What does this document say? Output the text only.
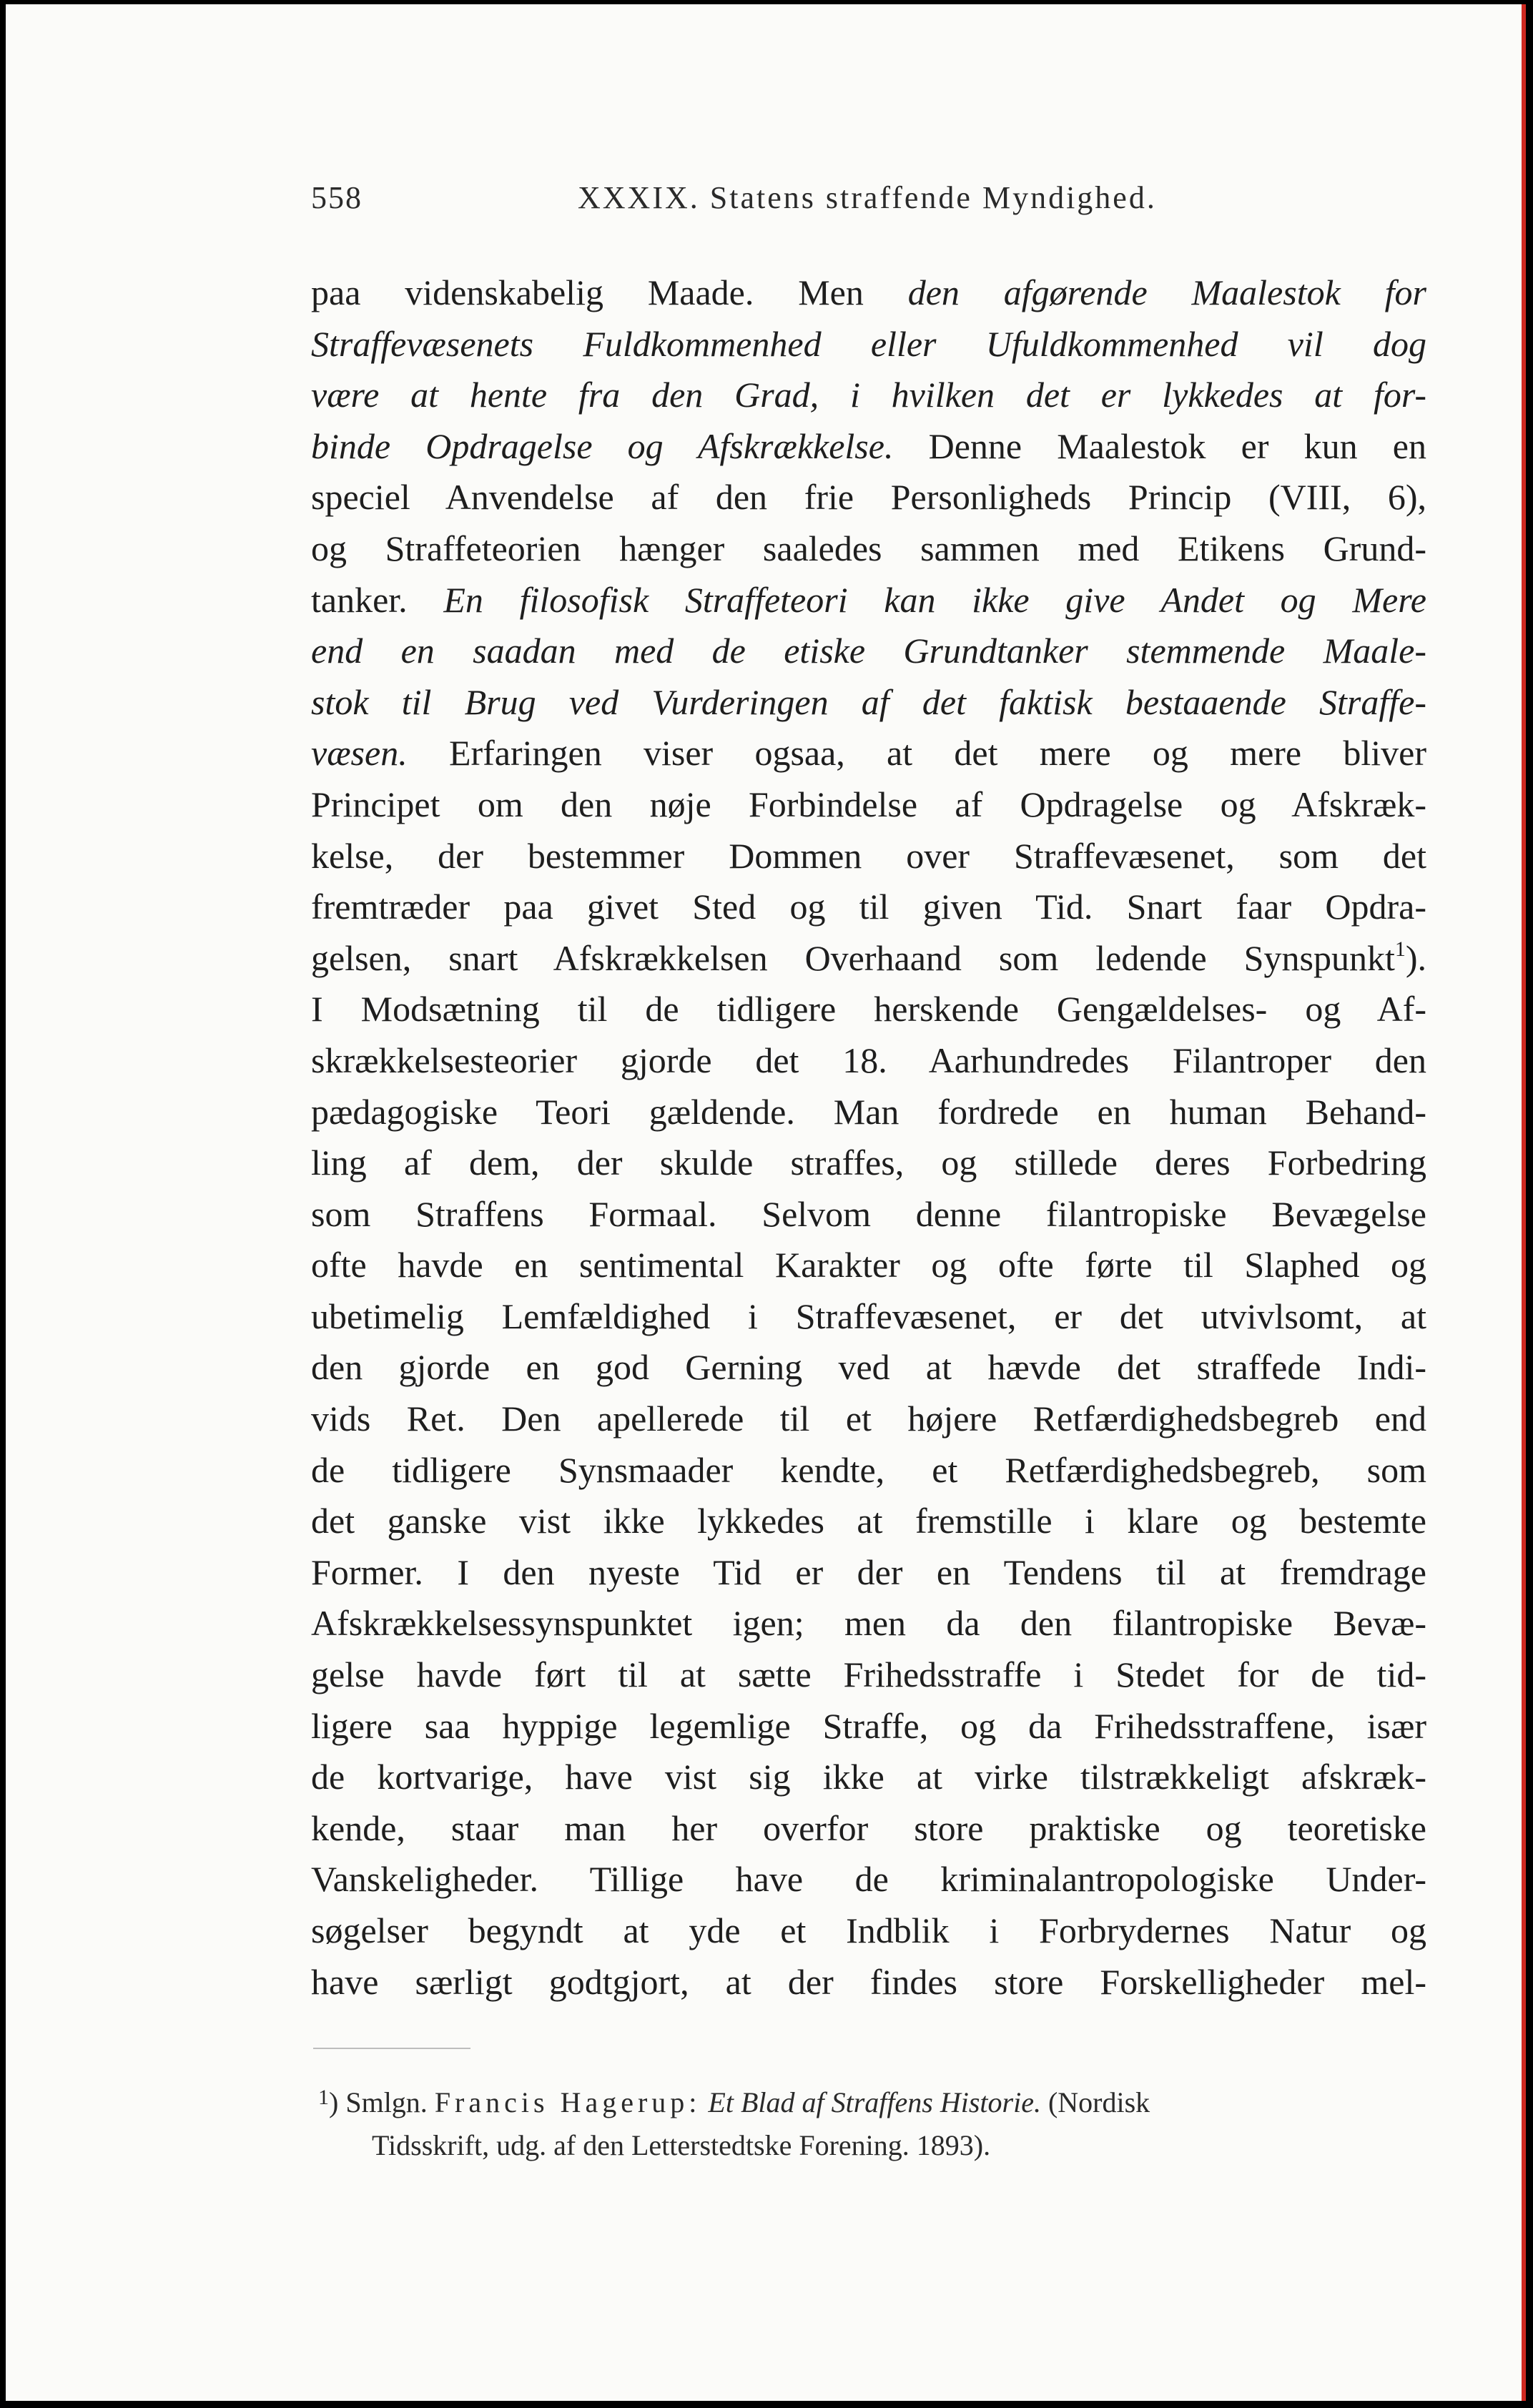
558	XXXIX. Statens straffende Myndighed.
paa videnskabelig Maade. Men den afgørende Maalestok for
Straffevæsenets Fuldkommenhed eller Ufuldkommenhed vil dog
være at hente fra den Grad, i hvilken det er lykkedes at for-
binde Opdragelse og Afskrækkelse. Denne Maalestok er kun en
speciel Anvendelse af den frie Personligheds Princip (VIII, 6),
og Straffeteorien hænger saaledes sammen med Etikens Grund-
tanker. En filosofisk Straffeteori kan ikke give Andet og Mere
end en saadan med de etiske Grundtanker stemmende Maale-
stok til Brug ved Vurderingen af det faktisk bestaaende Straffe-
væsen. Erfaringen viser ogsaa, at det mere og mere bliver
Principet om den nøje Forbindelse af Opdragelse og Afskræk-
kelse, der bestemmer Dommen over Straffevæsenet, som det
fremtræder paa givet Sted og til given Tid. Snart faar Opdra-
gelsen, snart Afskrækkelsen Overhaand som ledende Synspunkt$^1$).
I Modsætning til de tidligere herskende Gengældelses- og Af-
skrækkelsesteorier gjorde det 18. Aarhundredes Filantroper den
pædagogiske Teori gældende. Man fordrede en human Behand-
ling af dem, der skulde straffes, og stillede deres Forbedring
som Straffens Formaal. Selvom denne filantropiske Bevægelse
ofte havde en sentimental Karakter og ofte førte til Slaphed og
ubetimelig Lemfældighed i Straffevæsenet, er det utvivlsomt, at
den gjorde en god Gerning ved at hævde det straffede Indi-
vids Ret. Den apellerede til et højere Retfærdighedsbegreb end
de tidligere Synsmaader kendte, et Retfærdighedsbegreb, som
det ganske vist ikke lykkedes at fremstille i klare og bestemte
Former. I den nyeste Tid er der en Tendens til at fremdrage
Afskrækkelsessynspunktet igen; men da den filantropiske Bevæ-
gelse havde ført til at sætte Frihedsstraffe i Stedet for de tid-
ligere saa hyppige legemlige Straffe, og da Frihedsstraffene, især
de kortvarige, have vist sig ikke at virke tilstrækkeligt afskræk-
kende, staar man her overfor store praktiske og teoretiske
Vanskeligheder. Tillige have de kriminalantropologiske Under-
søgelser begyndt at yde et Indblik i Forbrydernes Natur og
have særligt godtgjort, at der findes store Forskelligheder mel-
$^1$) Smlgn. Francis Hagerup: Et Blad af Straffens Historie. (Nordisk
Tidsskrift, udg. af den Letterstedtske Forening. 1893).
